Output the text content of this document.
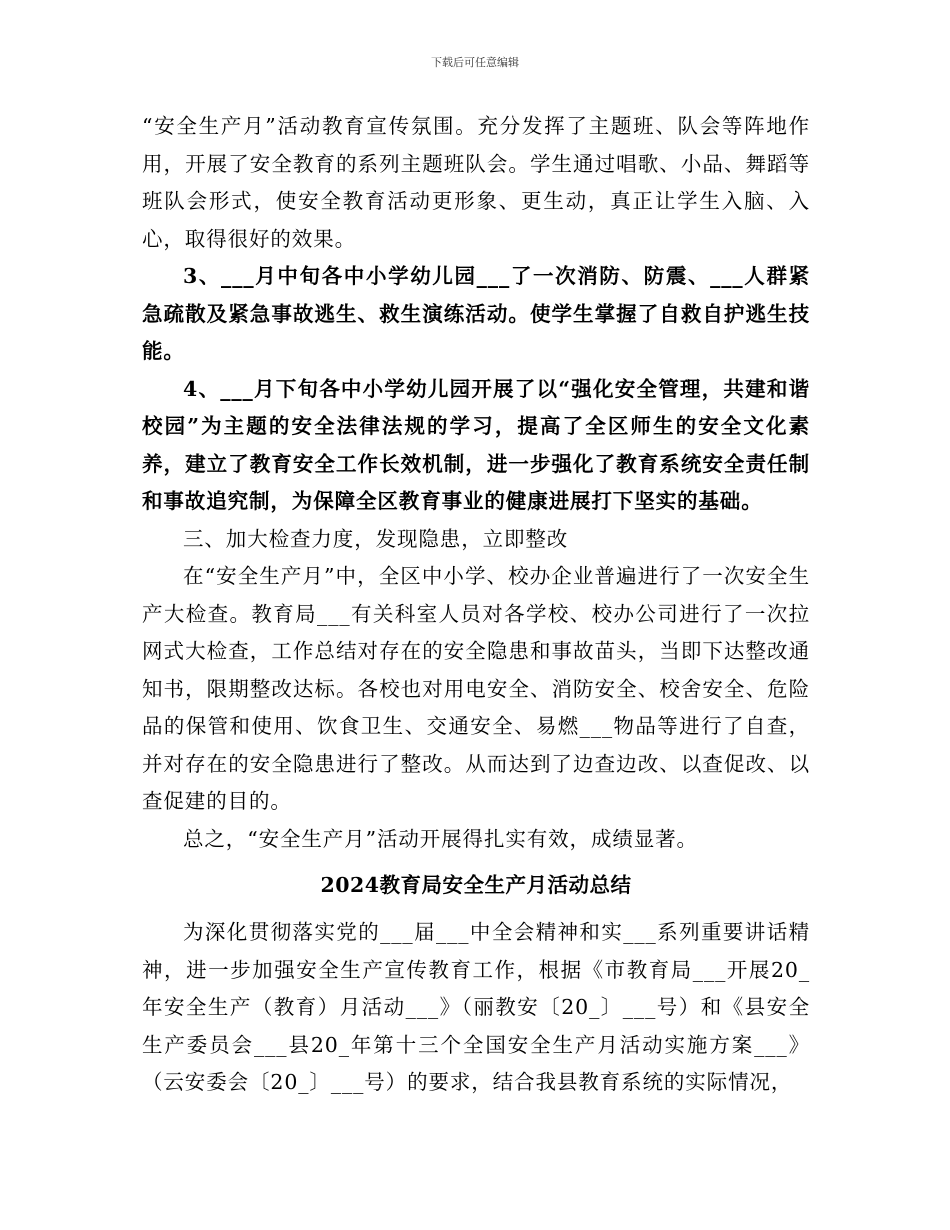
下载后可任意编辑

“安全生产月”活动教育宣传氛围。充分发挥了主题班、队会等阵地作用，开展了安全教育的系列主题班队会。学生通过唱歌、小品、舞蹈等班队会形式，使安全教育活动更形象、更生动，真正让学生入脑、入心，取得很好的效果。

3、___月中旬各中小学幼儿园___了一次消防、防震、___人群紧急疏散及紧急事故逃生、救生演练活动。使学生掌握了自救自护逃生技能。

4、___月下旬各中小学幼儿园开展了以“强化安全管理，共建和谐校园”为主题的安全法律法规的学习，提高了全区师生的安全文化素养，建立了教育安全工作长效机制，进一步强化了教育系统安全责任制和事故追究制，为保障全区教育事业的健康进展打下坚实的基础。

三、加大检查力度，发现隐患，立即整改

在“安全生产月”中，全区中小学、校办企业普遍进行了一次安全生产大检查。教育局___有关科室人员对各学校、校办公司进行了一次拉网式大检查，工作总结对存在的安全隐患和事故苗头，当即下达整改通知书，限期整改达标。各校也对用电安全、消防安全、校舍安全、危险品的保管和使用、饮食卫生、交通安全、易燃___物品等进行了自查，并对存在的安全隐患进行了整改。从而达到了边查边改、以查促改、以查促建的目的。

总之，“安全生产月”活动开展得扎实有效，成绩显著。

2024教育局安全生产月活动总结

为深化贯彻落实党的___届___中全会精神和实___系列重要讲话精神，进一步加强安全生产宣传教育工作，根据《市教育局___开展20_年安全生产（教育）月活动___》（丽教安〔20_〕___号）和《县安全生产委员会___县20_年第十三个全国安全生产月活动实施方案___》（云安委会〔20_〕___号）的要求，结合我县教育系统的实际情况，
